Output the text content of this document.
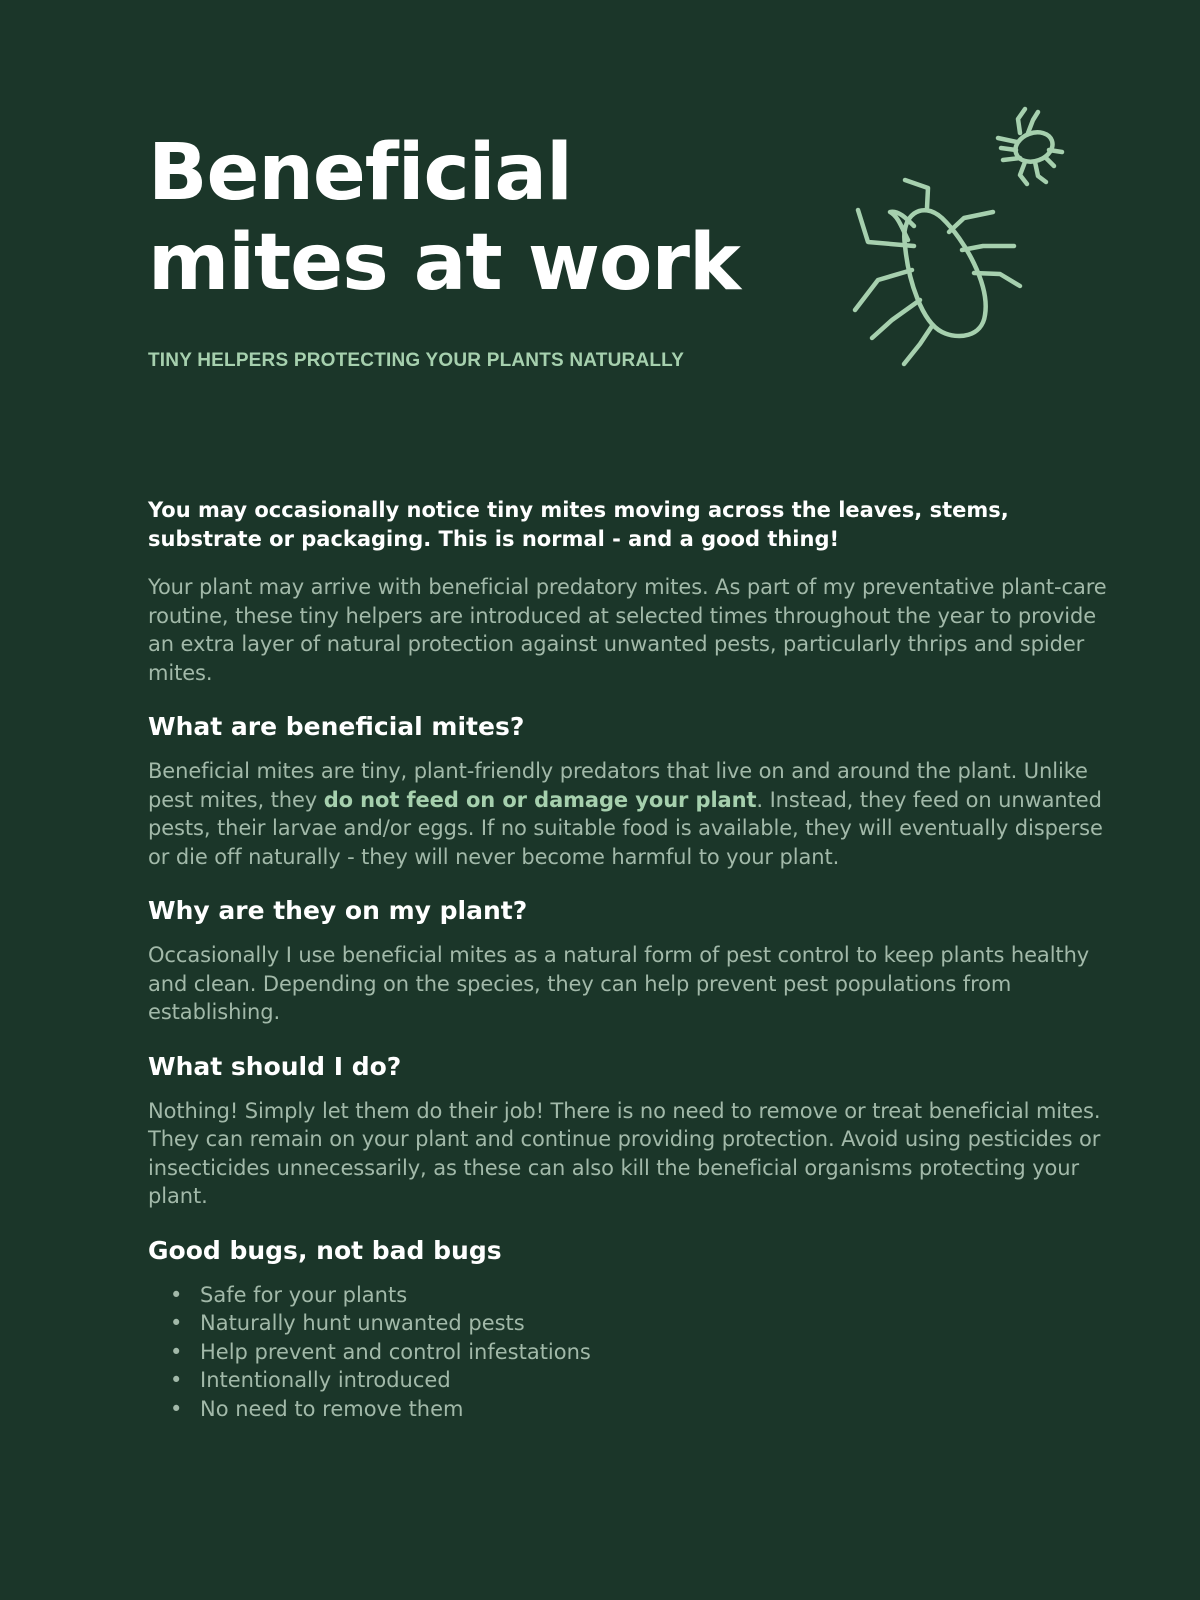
Beneficial
mites at work

TINY HELPERS PROTECTING YOUR PLANTS NATURALLY

You may occasionally notice tiny mites moving across the leaves, stems, substrate or packaging. This is normal - and a good thing!

Your plant may arrive with beneficial predatory mites. As part of my preventative plant-care routine, these tiny helpers are introduced at selected times throughout the year to provide an extra layer of natural protection against unwanted pests, particularly thrips and spider mites.

What are beneficial mites?

Beneficial mites are tiny, plant-friendly predators that live on and around the plant. Unlike pest mites, they do not feed on or damage your plant. Instead, they feed on unwanted pests, their larvae and/or eggs. If no suitable food is available, they will eventually disperse or die off naturally - they will never become harmful to your plant.

Why are they on my plant?

Occasionally I use beneficial mites as a natural form of pest control to keep plants healthy and clean. Depending on the species, they can help prevent pest populations from establishing.

What should I do?

Nothing! Simply let them do their job! There is no need to remove or treat beneficial mites. They can remain on your plant and continue providing protection. Avoid using pesticides or insecticides unnecessarily, as these can also kill the beneficial organisms protecting your plant.

Good bugs, not bad bugs
• Safe for your plants
• Naturally hunt unwanted pests
• Help prevent and control infestations
• Intentionally introduced
• No need to remove them
